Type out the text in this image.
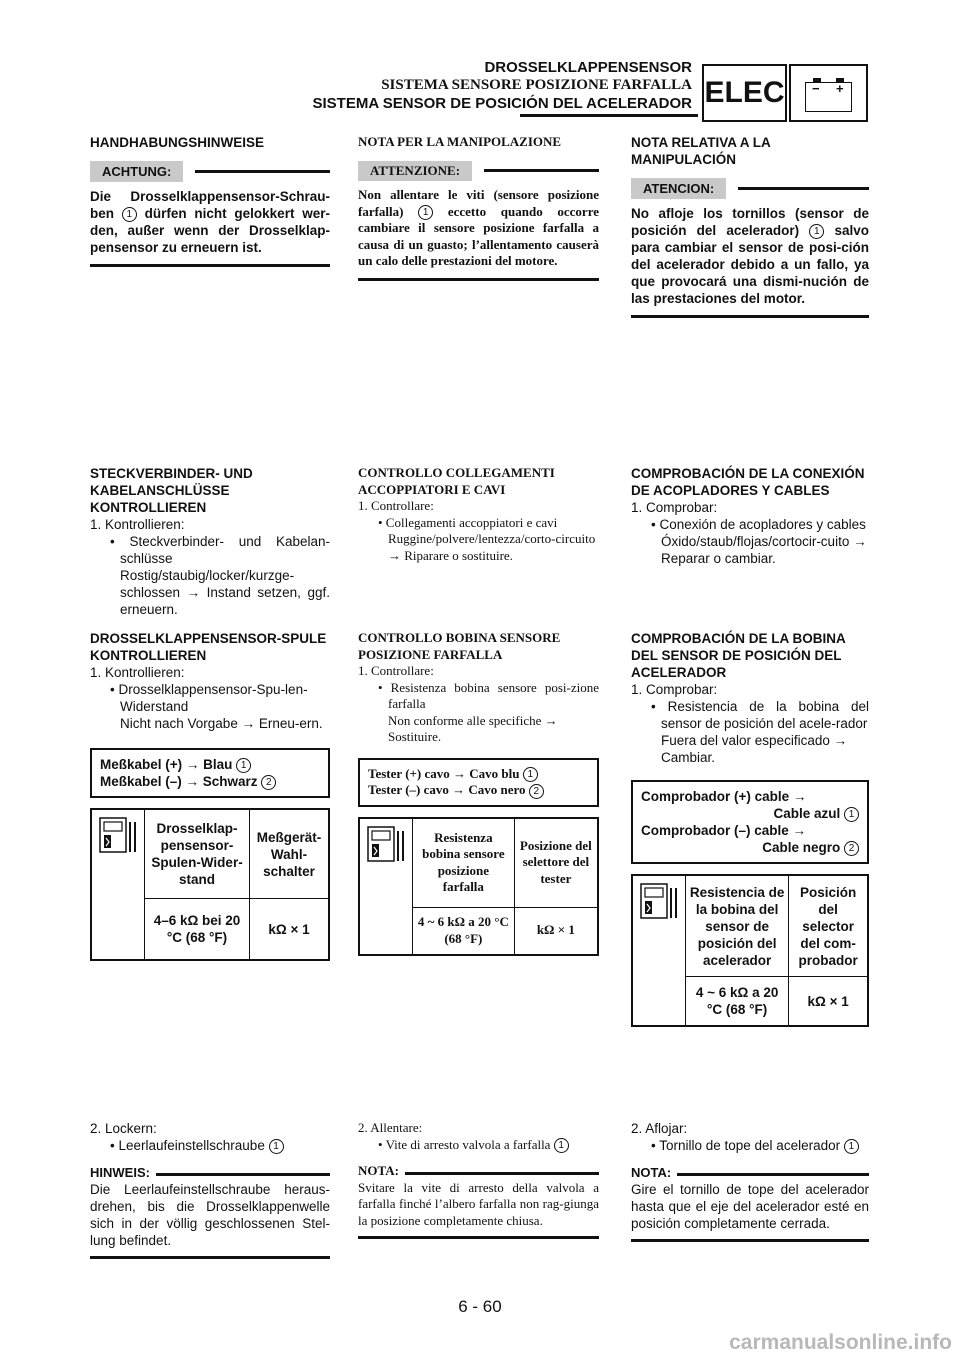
DROSSELKLAPPENSENSOR
SISTEMA SENSORE POSIZIONE FARFALLA
SISTEMA SENSOR DE POSICIÓN DEL ACELERADOR ELEC − +

HANDHABUNGSHINWEISE

ACHTUNG:

Die Drosselklappensensor-Schrau-ben 1 dürfen nicht gelokkert wer-den, außer wenn der Drosselklap-pensensor zu erneuern ist.

NOTA PER LA MANIPOLAZIONE

ATTENZIONE:

Non allentare le viti (sensore posizione farfalla) 1 eccetto quando occorre cambiare il sensore posizione farfalla a causa di un guasto; l’allentamento causerà un calo delle prestazioni del motore.

NOTA RELATIVA A LA MANIPULACIÓN

ATENCION:

No afloje los tornillos (sensor de posición del acelerador) 1 salvo para cambiar el sensor de posi-ción del acelerador debido a un fallo, ya que provocará una dismi-nución de las prestaciones del motor.

STECKVERBINDER- UND KABELANSCHLÜSSE KONTROLLIEREN

1. Kontrollieren:

• Steckverbinder- und Kabelan-schlüsse

Rostig/staubig/locker/kurzge-schlossen → Instand setzen, ggf. erneuern.

CONTROLLO COLLEGAMENTI ACCOPPIATORI E CAVI

1. Controllare:

• Collegamenti accoppiatori e cavi

Ruggine/polvere/lentezza/corto-circuito → Riparare o sostituire.

COMPROBACIÓN DE LA CONEXIÓN DE ACOPLADORES Y CABLES

1. Comprobar:

• Conexión de acopladores y cables

Óxido/staub/flojas/cortocir-cuito → Reparar o cambiar.

DROSSELKLAPPENSENSOR-SPULE KONTROLLIEREN

1. Kontrollieren:

• Drosselklappensensor-Spu-len-Widerstand

Nicht nach Vorgabe → Erneu-ern.

Meßkabel (+) → Blau 1

Meßkabel (–) → Schwarz 2

	Drosselklap-pensensor-Spulen-Wider-stand	Meßgerät-Wahl-schalter
	4–6 kΩ bei 20 °C (68 °F)	kΩ × 1

CONTROLLO BOBINA SENSORE POSIZIONE FARFALLA

1. Controllare:

• Resistenza bobina sensore posi-zione farfalla

Non conforme alle specifiche → Sostituire.

Tester (+) cavo → Cavo blu 1

Tester (–) cavo → Cavo nero 2

	Resistenza bobina sensore posizione farfalla	Posizione del selettore del tester
	4 ~ 6 kΩ a 20 °C (68 °F)	kΩ × 1

COMPROBACIÓN DE LA BOBINA DEL SENSOR DE POSICIÓN DEL ACELERADOR

1. Comprobar:

• Resistencia de la bobina del sensor de posición del acele-rador

Fuera del valor especificado → Cambiar.

Comprobador (+) cable →

Cable azul 1

Comprobador (–) cable →

Cable negro 2

	Resistencia de la bobina del sensor de posición del acelerador	Posición del selector del com-probador
	4 ~ 6 kΩ a 20 °C (68 °F)	kΩ × 1

2. Lockern:

• Leerlaufeinstellschraube 1

HINWEIS:

Die Leerlaufeinstellschraube heraus-drehen, bis die Drosselklappenwelle sich in der völlig geschlossenen Stel-lung befindet.

2. Allentare:

• Vite di arresto valvola a farfalla 1

NOTA:

Svitare la vite di arresto della valvola a farfalla finché l’albero farfalla non rag-giunga la posizione completamente chiusa.

2. Aflojar:

• Tornillo de tope del acelerador 1

NOTA:

Gire el tornillo de tope del acelerador hasta que el eje del acelerador esté en posición completamente cerrada.

6 - 60
carmanualsonline.info
